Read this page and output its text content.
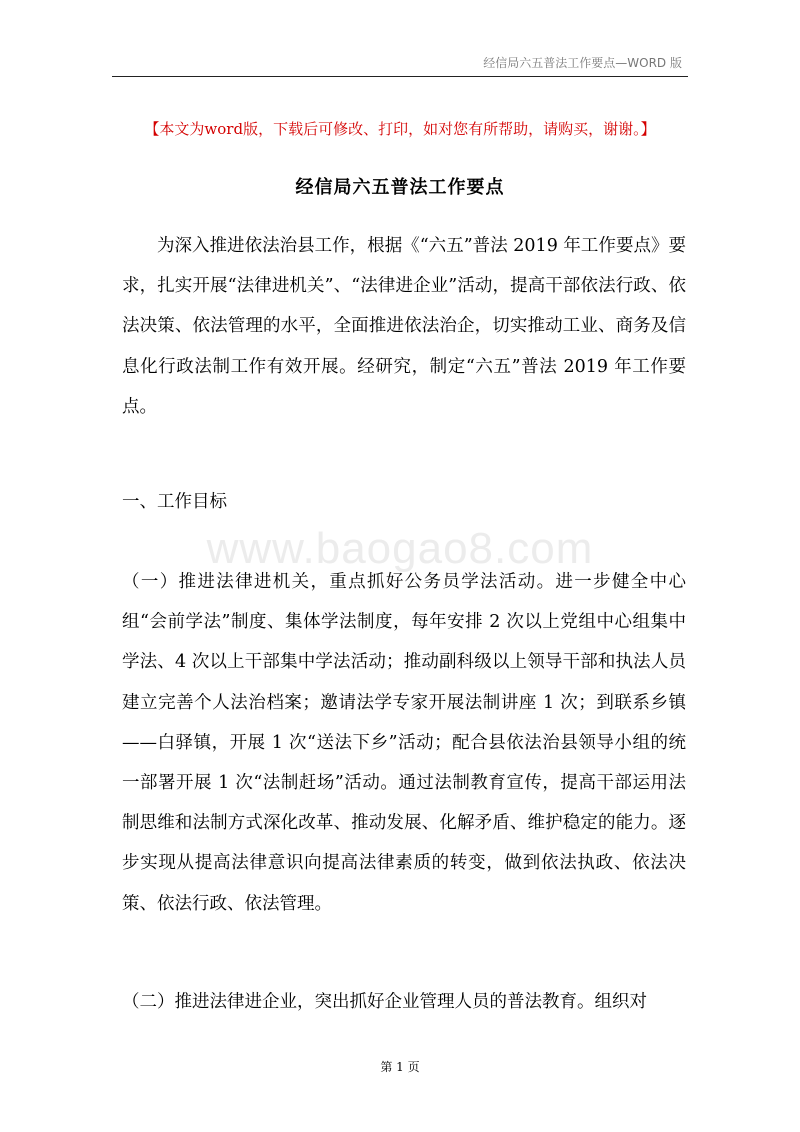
经信局六五普法工作要点—WORD 版
【本文为word版，下载后可修改、打印，如对您有所帮助，请购买，谢谢。】
经信局六五普法工作要点
www.baogao8.com
为深入推进依法治县工作，根据《“六五”普法 2019 年工作要点》要求，扎实开展“法律进机关”、“法律进企业”活动，提高干部依法行政、依法决策、依法管理的水平，全面推进依法治企，切实推动工业、商务及信息化行政法制工作有效开展。经研究，制定“六五”普法 2019 年工作要点。
一、工作目标
（一）推进法律进机关，重点抓好公务员学法活动。进一步健全中心组“会前学法”制度、集体学法制度，每年安排 2 次以上党组中心组集中学法、4 次以上干部集中学法活动；推动副科级以上领导干部和执法人员建立完善个人法治档案；邀请法学专家开展法制讲座 1 次；到联系乡镇——白驿镇，开展 1 次“送法下乡”活动；配合县依法治县领导小组的统一部署开展 1 次“法制赶场”活动。通过法制教育宣传，提高干部运用法制思维和法制方式深化改革、推动发展、化解矛盾、维护稳定的能力。逐步实现从提高法律意识向提高法律素质的转变，做到依法执政、依法决策、依法行政、依法管理。
（二）推进法律进企业，突出抓好企业管理人员的普法教育。组织对
第 1 页
